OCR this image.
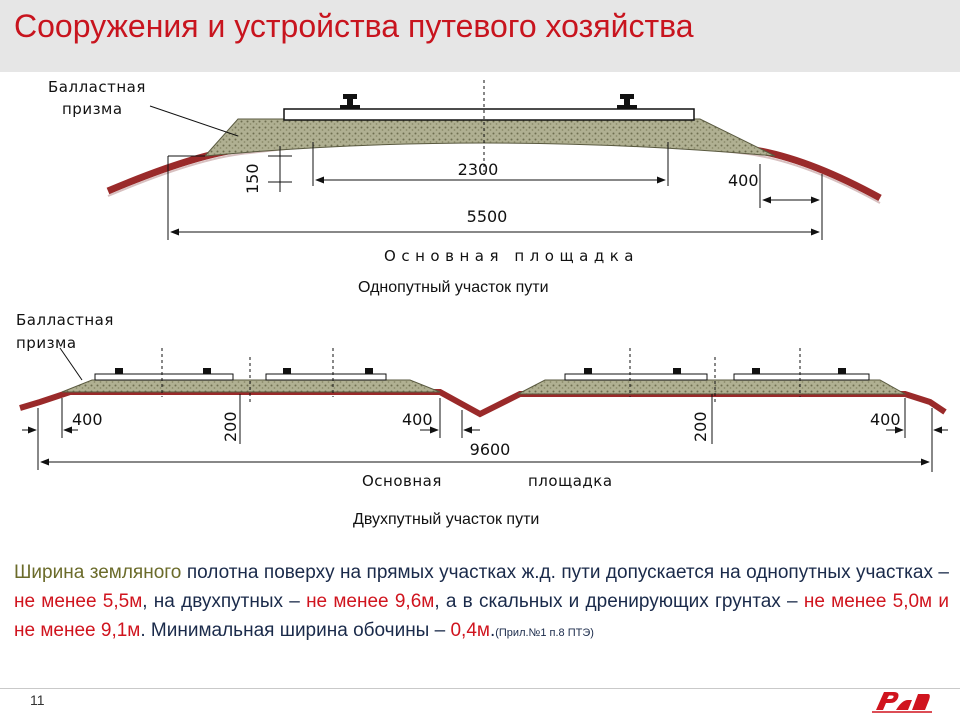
Сооружения и устройства путевого хозяйства
Балластная
призма
2300
400
150
5500
Основная площадка
Балластная
призма
400	400	400
200	200
9600
Основная	площадка
Однопутный участок пути
Двухпутный участок пути
Ширина земляного полотна поверху на прямых участках ж.д. пути допускается на однопутных участках – не менее 5,5м, на двухпутных – не менее 9,6м, а в скальных и дренирующих грунтах – не менее 5,0м и не менее 9,1м. Минимальная ширина обочины – 0,4м.(Прил.№1 п.8 ПТЭ)
11
